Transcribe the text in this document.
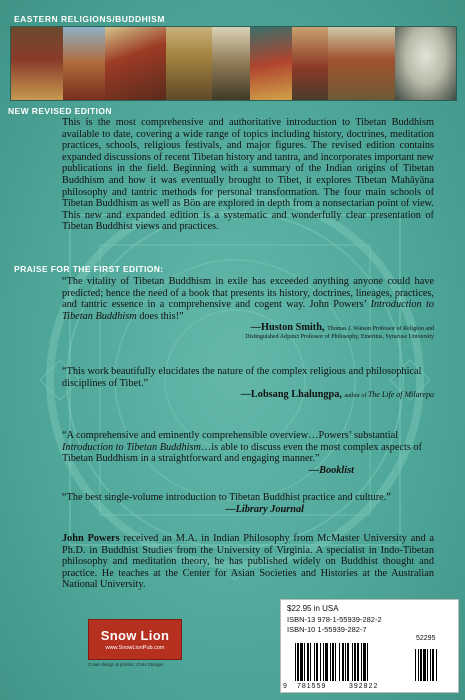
EASTERN RELIGIONS/BUDDHISM
NEW REVISED EDITION
This is the most comprehensive and authoritative introduction to Tibetan Buddhism available to date, covering a wide range of topics including history, doctrines, meditation practices, schools, religious festivals, and major figures. The revised edition contains expanded discussions of recent Tibetan history and tantra, and incorporates important new publications in the field. Beginning with a summary of the Indian origins of Tibetan Buddhism and how it was eventually brought to Tibet, it explores Tibetan Mahāyāna philosophy and tantric methods for personal transformation. The four main schools of Tibetan Buddhism as well as Bön are explored in depth from a nonsectarian point of view. This new and expanded edition is a systematic and wonderfully clear presentation of Tibetan Buddhist views and practices.
PRAISE FOR THE FIRST EDITION:
“The vitality of Tibetan Buddhism in exile has exceeded anything anyone could have predicted; hence the need of a book that presents its history, doctrines, lineages, practices, and tantric essence in a comprehensive and cogent way. John Powers’ Introduction to Tibetan Buddhism does this!”
—Huston Smith, Thomas J. Watson Professor of Religion and
Distinguished Adjunct Professor of Philosophy, Emeritus, Syracuse University
“This work beautifully elucidates the nature of the complex religious and philosophical disciplines of Tibet.”
—Lobsang Lhalungpa, author of The Life of Milarepa
“A comprehensive and eminently comprehensible overview…Powers’ substantial Introduction to Tibetan Buddhism…is able to discuss even the most complex aspects of Tibetan Buddhism in a straightforward and engaging manner.”
—Booklist
“The best single-volume introduction to Tibetan Buddhist practice and culture.”
—Library Journal
John Powers received an M.A. in Indian Philosophy from McMaster University and a Ph.D. in Buddhist Studies from the University of Virginia. A specialist in Indo-Tibetan philosophy and meditation theory, he has published widely on Buddhist thought and practice. He teaches at the Center for Asian Societies and Histories at the Australian National University.
Snow Lion
www.SnowLionPub.com
Cover design & photos: Chris Stanger
$22.95 in USA
ISBN-13 978-1-55939-282-2
ISBN-10 1-55939-282-7
52295
9 781559	392822
